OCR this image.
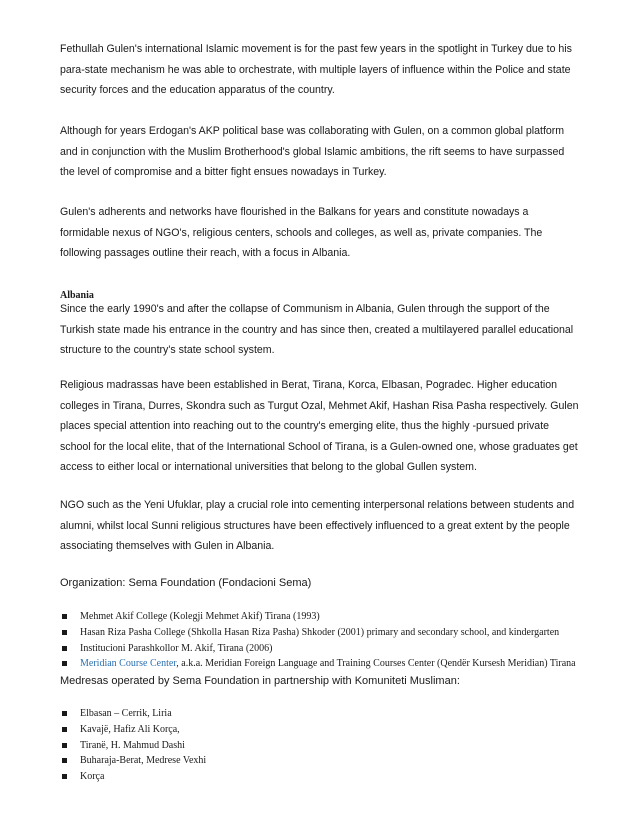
Fethullah Gulen's international Islamic movement is for the past few years in the spotlight in Turkey due to his para-state mechanism he was able to orchestrate, with multiple layers of influence within the Police and state security forces and the education apparatus of the country.

Although for years Erdogan's AKP political base was collaborating with Gulen, on a common global platform and in conjunction with the Muslim Brotherhood's global Islamic ambitions, the rift seems to have surpassed the level of compromise and a bitter fight ensues nowadays in Turkey.

Gulen's adherents and networks have flourished in the Balkans for years and constitute nowadays a formidable nexus of NGO's, religious centers, schools and colleges, as well as, private companies. The following passages outline their reach, with a focus in Albania.

Albania

Since the early 1990's and after the collapse of Communism in Albania, Gulen through the support of the Turkish state made his entrance in the country and has since then, created a multilayered parallel educational structure to the country's state school system.

Religious madrassas have been established in Berat, Tirana, Korca, Elbasan, Pogradec. Higher education colleges in Tirana, Durres, Skondra such as Turgut Ozal, Mehmet Akif, Hashan Risa Pasha respectively. Gulen places special attention into reaching out to the country's emerging elite, thus the highly -pursued private school for the local elite, that of the International School of Tirana, is a Gulen-owned one, whose graduates get access to either local or international universities that belong to the global Gullen system.

NGO such as the Yeni Ufuklar, play a crucial role into cementing interpersonal relations between students and alumni, whilst local Sunni religious structures have been effectively influenced to a great extent by the people associating themselves with Gulen in Albania.

Organization: Sema Foundation (Fondacioni Sema)

Mehmet Akif College (Kolegji Mehmet Akif) Tirana (1993)
Hasan Riza Pasha College (Shkolla Hasan Riza Pasha) Shkoder (2001) primary and secondary school, and kindergarten
Institucioni Parashkollor M. Akif, Tirana (2006)
Meridian Course Center, a.k.a. Meridian Foreign Language and Training Courses Center (Qendër Kursesh Meridian) Tirana

Medresas operated by Sema Foundation in partnership with Komuniteti Musliman:

Elbasan – Cerrik, Liria
Kavajë, Hafiz Ali Korça,
Tiranë, H. Mahmud Dashi
Buharaja-Berat, Medrese Vexhi
Korça
